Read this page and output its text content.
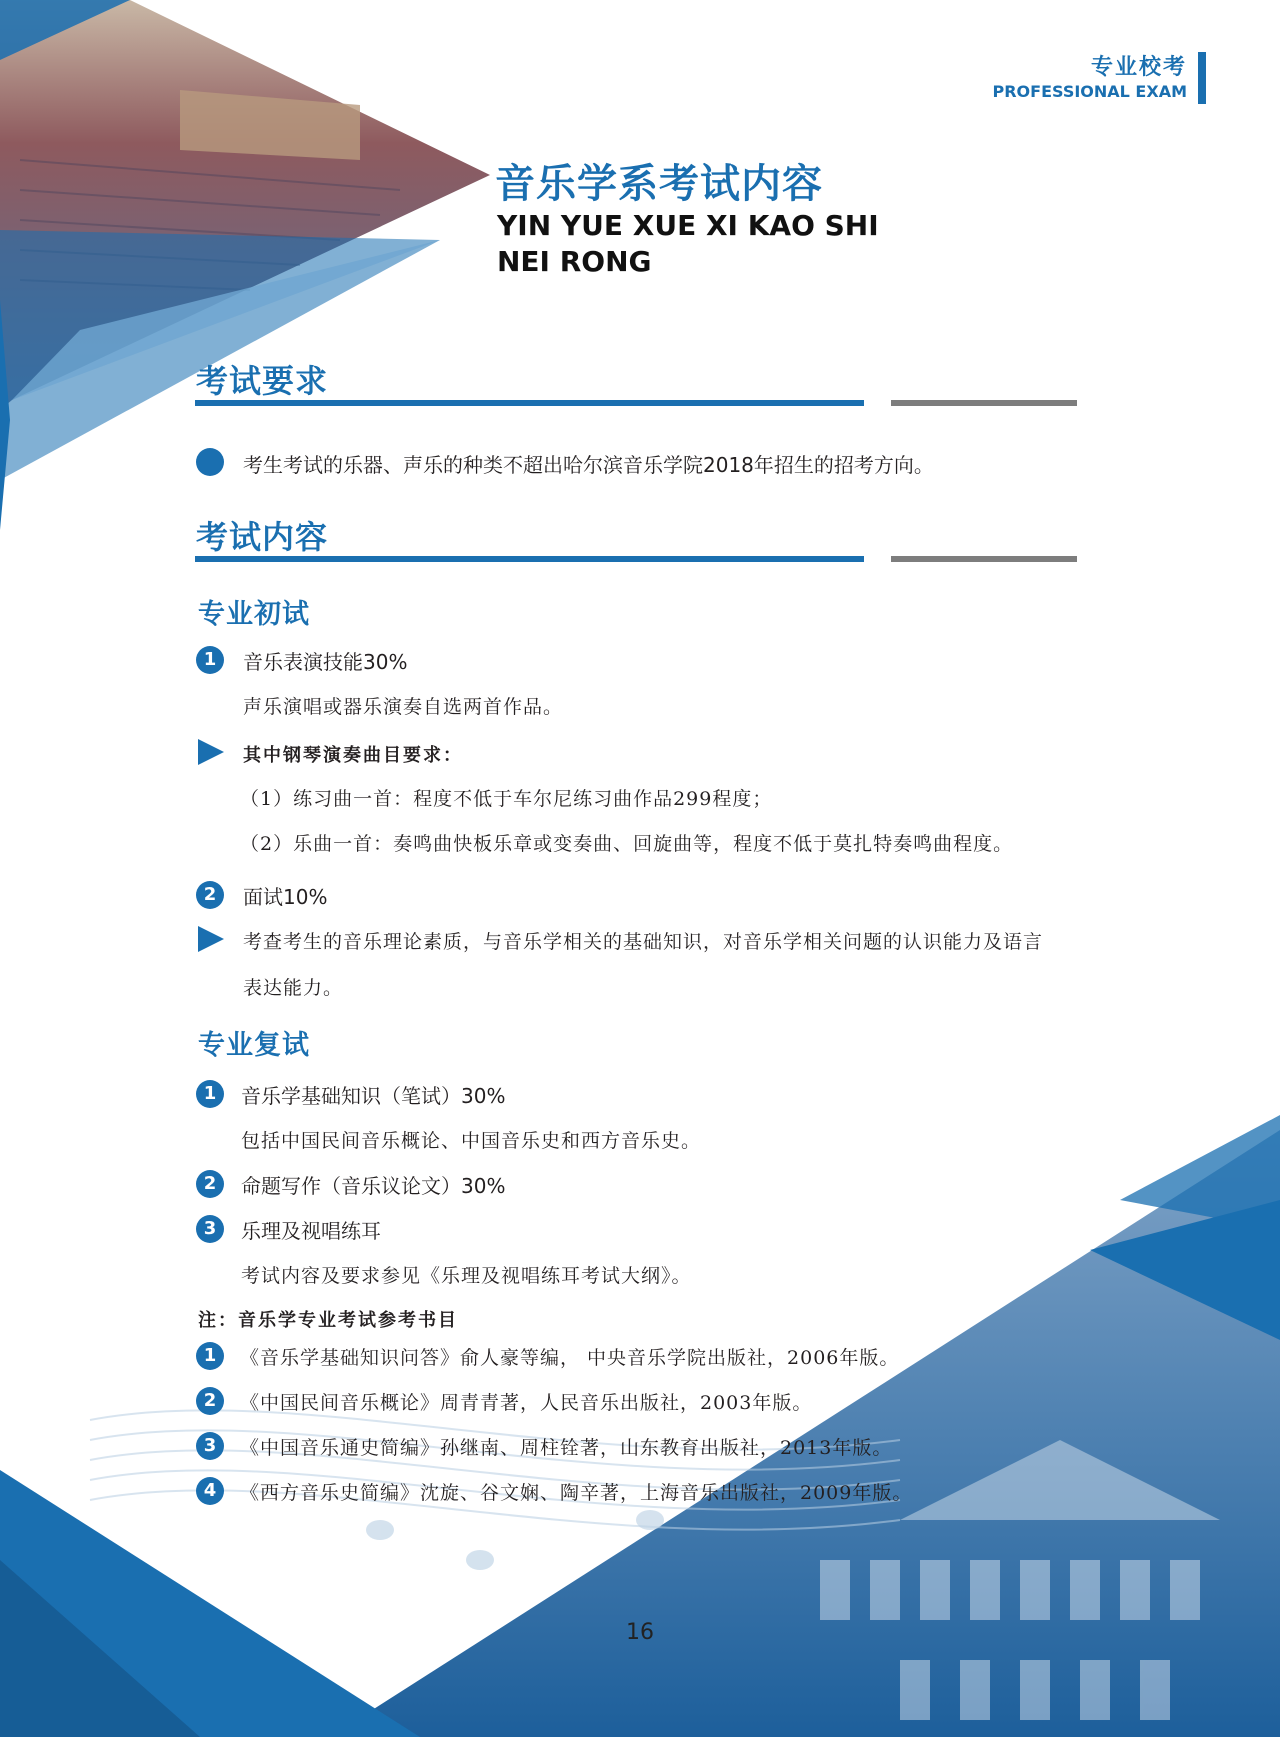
专业校考
PROFESSIONAL EXAM
音乐学系考试内容
YIN YUE XUE XI KAO SHI
NEI RONG
考试要求
考生考试的乐器、声乐的种类不超出哈尔滨音乐学院2018年招生的招考方向。
考试内容
专业初试
1	音乐表演技能30%
声乐演唱或器乐演奏自选两首作品。
其中钢琴演奏曲目要求：
（1）练习曲一首：程度不低于车尔尼练习曲作品299程度；
（2）乐曲一首：奏鸣曲快板乐章或变奏曲、回旋曲等，程度不低于莫扎特奏鸣曲程度。
2	面试10%
考查考生的音乐理论素质，与音乐学相关的基础知识，对音乐学相关问题的认识能力及语言
表达能力。
专业复试
1	音乐学基础知识（笔试）30%
包括中国民间音乐概论、中国音乐史和西方音乐史。
2	命题写作（音乐议论文）30%
3	乐理及视唱练耳
考试内容及要求参见《乐理及视唱练耳考试大纲》。
注：音乐学专业考试参考书目
1	《音乐学基础知识问答》俞人豪等编， 中央音乐学院出版社，2006年版。
2	《中国民间音乐概论》周青青著，人民音乐出版社，2003年版。
3	《中国音乐通史简编》孙继南、周柱铨著，山东教育出版社，2013年版。
4	《西方音乐史简编》沈旋、谷文娴、陶辛著，上海音乐出版社，2009年版。
16
